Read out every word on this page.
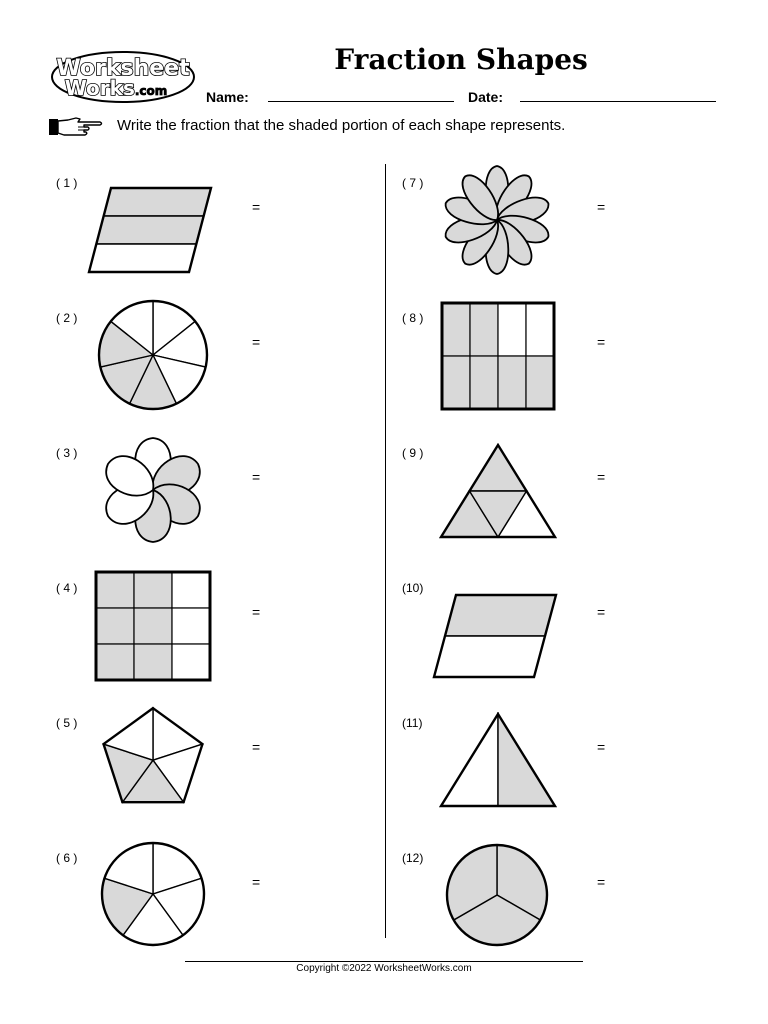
Worksheet
Works.com
Fraction Shapes
Name:	Date:
Write the fraction that the shaded portion of each shape represents.
( 1 )
( 2 )
( 3 )
( 4 )
( 5 )
( 6 )
( 7 )
( 8 )
( 9 )
(10)
(11)
(12)
=
=
=
=
=
=
=
=
=
=
=
=
Copyright ©2022 WorksheetWorks.com
